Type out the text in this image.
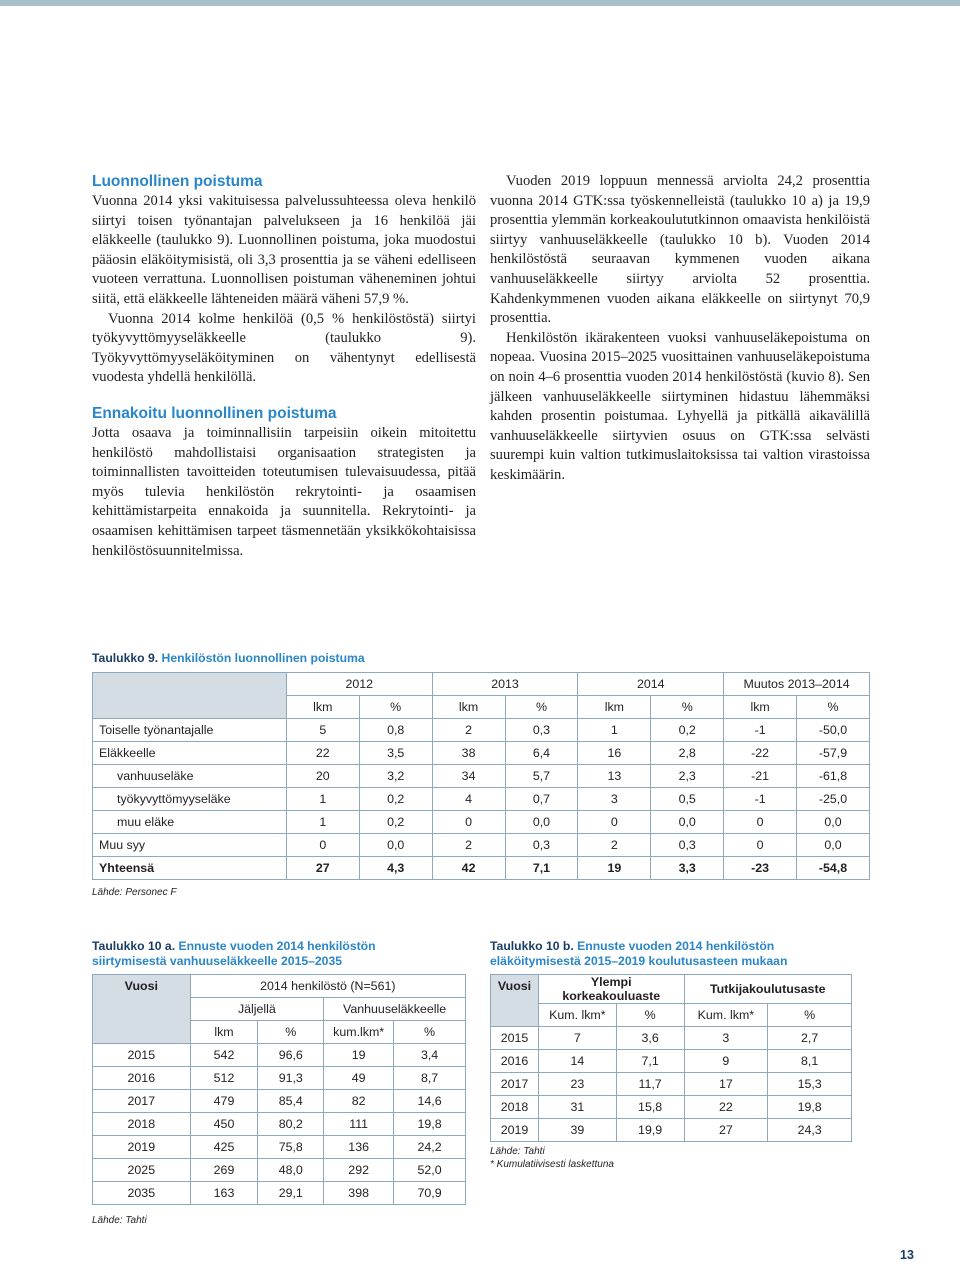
Luonnollinen poistuma

Vuonna 2014 yksi vakituisessa palvelussuhteessa oleva henkilö siirtyi toisen työnantajan palvelukseen ja 16 henkilöä jäi eläkkeelle (taulukko 9). Luonnollinen poistuma, joka muodostui pääosin eläköitymisistä, oli 3,3 prosenttia ja se väheni edelliseen vuoteen verrattuna. Luonnollisen poistuman väheneminen johtui siitä, että eläkkeelle lähteneiden määrä väheni 57,9 %.

Vuonna 2014 kolme henkilöä (0,5 % henkilöstöstä) siirtyi työkyvyttömyyseläkkeelle (taulukko 9). Työkyvyttömyyseläköityminen on vähentynyt edellisestä vuodesta yhdellä henkilöllä.

Ennakoitu luonnollinen poistuma

Jotta osaava ja toiminnallisiin tarpeisiin oikein mitoitettu henkilöstö mahdollistaisi organisaation strategisten ja toiminnallisten tavoitteiden toteutumisen tulevaisuudessa, pitää myös tulevia henkilöstön rekrytointi- ja osaamisen kehittämistarpeita ennakoida ja suunnitella. Rekrytointi- ja osaamisen kehittämisen tarpeet täsmennetään yksikkökohtaisissa henkilöstösuunnitelmissa.

Vuoden 2019 loppuun mennessä arviolta 24,2 prosenttia vuonna 2014 GTK:ssa työskennelleistä (taulukko 10 a) ja 19,9 prosenttia ylemmän korkeakoulututkinnon omaavista henkilöistä siirtyy vanhuuseläkkeelle (taulukko 10 b). Vuoden 2014 henkilöstöstä seuraavan kymmenen vuoden aikana vanhuuseläkkeelle siirtyy arviolta 52 prosenttia. Kahdenkymmenen vuoden aikana eläkkeelle on siirtynyt 70,9 prosenttia.

Henkilöstön ikärakenteen vuoksi vanhuuseläkepoistuma on nopeaa. Vuosina 2015–2025 vuosittainen vanhuuseläkepoistuma on noin 4–6 prosenttia vuoden 2014 henkilöstöstä (kuvio 8). Sen jälkeen vanhuuseläkkeelle siirtyminen hidastuu lähemmäksi kahden prosentin poistumaa. Lyhyellä ja pitkällä aikavälillä vanhuuseläkkeelle siirtyvien osuus on GTK:ssa selvästi suurempi kuin valtion tutkimuslaitoksissa tai valtion virastoissa keskimäärin.

Taulukko 9. Henkilöstön luonnollinen poistuma
	2012		2013		2014		Muutos 2013–2014	
	lkm	%	lkm	%	lkm	%	lkm	%
Toiselle työnantajalle	5	0,8	2	0,3	1	0,2	-1	-50,0
Eläkkeelle	22	3,5	38	6,4	16	2,8	-22	-57,9
vanhuuseläke	20	3,2	34	5,7	13	2,3	-21	-61,8
työkyvyttömyyseläke	1	0,2	4	0,7	3	0,5	-1	-25,0
muu eläke	1	0,2	0	0,0	0	0,0	0	0,0
Muu syy	0	0,0	2	0,3	2	0,3	0	0,0
Yhteensä	27	4,3	42	7,1	19	3,3	-23	-54,8
Lähde: Personec F
Taulukko 10 a. Ennuste vuoden 2014 henkilöstön
siirtymisestä vanhuuseläkkeelle 2015–2035
Vuosi	2014 henkilöstö (N=561)			
	Jäljellä		Vanhuuseläkkeelle	
	lkm	%	kum.lkm*	%
2015	542	96,6	19	3,4
2016	512	91,3	49	8,7
2017	479	85,4	82	14,6
2018	450	80,2	111	19,8
2019	425	75,8	136	24,2
2025	269	48,0	292	52,0
2035	163	29,1	398	70,9
Lähde: Tahti
Taulukko 10 b. Ennuste vuoden 2014 henkilöstön
eläköitymisestä 2015–2019 koulutusasteen mukaan
Vuosi	Ylempi korkeakouluaste		Tutkijakoulutusaste	
	Kum. lkm*	%	Kum. lkm*	%
2015	7	3,6	3	2,7
2016	14	7,1	9	8,1
2017	23	11,7	17	15,3
2018	31	15,8	22	19,8
2019	39	19,9	27	24,3
Lähde: Tahti
* Kumulatiivisesti laskettuna
13
